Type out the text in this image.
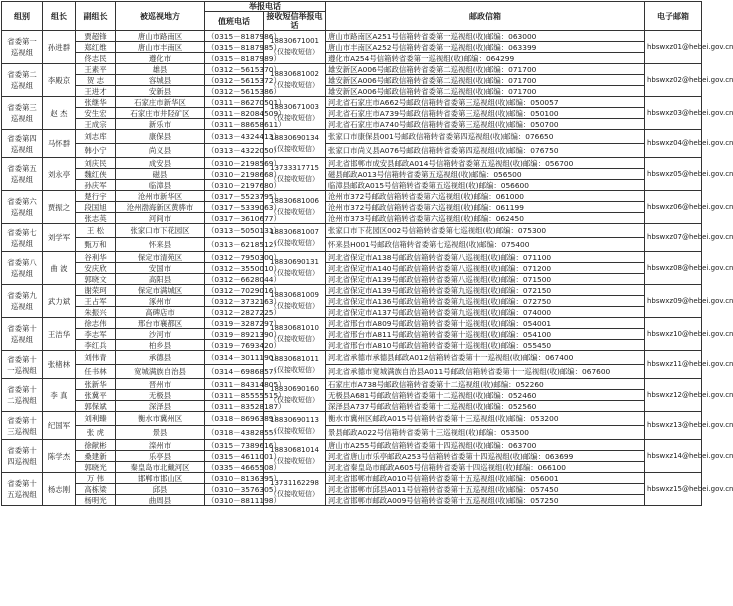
组别	组长	副组长	被巡视地方	举报电话		邮政信箱	电子邮箱
				值班电话	接收短信举报电话		
省委第一巡视组	孙进群	贾超锋	唐山市路南区	（0315－8187986）	18830671001（仅接收短信）	唐山市路南区A251号信箱转省委第一巡视组(收)邮编：063000	hbswxz01@hebei.gov.cn
		郑红维	唐山市丰南区	（0315－8187985）		唐山市丰南区A252号信箱转省委第一巡视组(收)邮编：063399	
		佟志民	遵化市	（0315－8187989）		遵化市A254号信箱转省委第一巡视组(收)邮编：064299	
省委第二巡视组	李殿京	王素平	雄县	（0312－5615370）	18830681002（仅接收短信）	雄安新区A006号邮政信箱转省委第二巡视组(收)邮编：071700	hbswxz02@hebei.gov.cn
		贺 志	容城县	（0312－5615372）		雄安新区A006号邮政信箱转省委第二巡视组(收)邮编：071700	
		王进才	安新县	（0312－5615386）		雄安新区A006号邮政信箱转省委第二巡视组(收)邮编：071700	
省委第三巡视组	赵 杰	张继华	石家庄市新华区	（0311－86270501）	18830671003（仅接收短信）	河北省石家庄市A662号邮政信箱转省委第三巡视组(收)邮编：050057	hbswxz03@hebei.gov.cn
		安生宏	石家庄市井陉矿区	（0311－82084509）		河北省石家庄市A739号邮政信箱转省委第三巡视组(收)邮编：050100	
		王成宗	新乐市	（0311－88658611）		河北省石家庄市A740号邮政信箱转省委第三巡视组(收)邮编：050700	
省委第四巡视组	马怀群	刘志库	康保县	（0313－4324413）	18830690134（仅接收短信）	张家口市康保县001号邮政信箱转省委第四巡视组(收)邮编：076650	hbswxz04@hebei.gov.cn
		韩小宁	尚义县	（0313－4322050）		张家口市尚义县A076号邮政信箱转省委第四巡视组(收)邮编：076750	
省委第五巡视组	刘永亭	刘庆民	成安县	（0310－2198569）	13733317715（仅接收短信）	河北省邯郸市成安县邮政A014号信箱转省委第五巡视组(收)邮编：056700	hbswxz05@hebei.gov.cn
		魏红侠	磁县	（0310－2198668）		磁县邮政A013号信箱转省委第五巡视组(收)邮编：056500	
		孙庆军	临漳县	（0310－2197680）		临漳县邮政A015号信箱转省委第五巡视组(收)邮编：056600	
省委第六巡视组	贾振之	楚行宇	沧州市新华区	（0317－5523795）	18830681006（仅接收短信）	沧州市372号邮政信箱转省委第六巡视组(收)邮编：061000	hbswxz06@hebei.gov.cn
		段国旭	沧州渤海新区黄骅市	（0317－5339063）		沧州市372号邮政信箱转省委第六巡视组(收)邮编：061199	
		张志英	河间市	（0317－3610677）		沧州市373号邮政信箱转省委第六巡视组(收)邮编：062450	
省委第七巡视组	刘学军	王 松	张家口市下花园区	（0313－5050131）	18830681007（仅接收短信）	张家口市下花园区002号信箱转省委第七巡视组(收)邮编：075300	hbswxz07@hebei.gov.cn
		甄万和	怀来县	（0313－6218512）		怀来县H001号邮政信箱转省委第七巡视组(收)邮编：075400	
省委第八巡视组	曲 波	谷利华	保定市清苑区	（0312－7950300）	18830690131（仅接收短信）	河北省保定市A138号邮政信箱转省委第八巡视组(收)邮编：071100	hbswxz08@hebei.gov.cn
		安庆欣	安国市	（0312－3550010）		河北省保定市A140号邮政信箱转省委第八巡视组(收)邮编：071200	
		郭晓文	高阳县	（0312－6628044）		河北省保定市A139号邮政信箱转省委第八巡视组(收)邮编：071500	
省委第九巡视组	武力斌	谢荣珂	保定市满城区	（0312－7029016）	18830681009（仅接收短信）	河北省保定市A139号邮政信箱转省委第九巡视组(收)邮编：072150	hbswxz09@hebei.gov.cn
		王占军	涿州市	（0312－3732163）		河北省保定市A136号邮政信箱转省委第九巡视组(收)邮编：072750	
		朱振兴	高碑店市	（0312－2827225）		河北省保定市A137号邮政信箱转省委第九巡视组(收)邮编：074000	
省委第十巡视组	王洁华	徐志伟	邢台市襄都区	（0319－3287297）	18830681010（仅接收短信）	河北省邢台市A809号邮政信箱转省委第十巡视组(收)邮编：054001	hbswxz10@hebei.gov.cn
		李志军	沙河市	（0319－8921390）		河北省邢台市A811号邮政信箱转省委第十巡视组(收)邮编：054100	
		李红兵	柏乡县	（0319－7693420）		河北省邢台市A810号邮政信箱转省委第十巡视组(收)邮编：055450	
省委第十一巡视组	张楮林	刘伟青	承德县	（0314－3011190）	18830681011（仅接收短信）	河北省承德市承德县邮政A012信箱转省委第十一巡视组(收)邮编：067400	hbswxz11@hebei.gov.cn
		任书林	宽城满族自治县	（0314－6986857）		河北省承德市宽城满族自治县A011号邮政信箱转省委第十一巡视组(收)邮编：067600	
省委第十二巡视组	李 真	张新华	晋州市	（0311－84314805）	18830690160（仅接收短信）	石家庄市A738号邮政信箱转省委第十二巡视组(收)邮编：052260	hbswxz12@hebei.gov.cn
		张冀平	无极县	（0311－85555515）		无极县A681号邮政信箱转省委第十二巡视组(收)邮编：052460	
		郭保斌	深泽县	（0311－83528187）		深泽县A737号邮政信箱转省委第十二巡视组(收)邮编：052560	
省委第十三巡视组	纪国军	刘利臻	衡水市冀州区	（0318－8696389）	18830690113（仅接收短信）	衡水市冀州区邮政A015号信箱转省委第十三巡视组(收)邮编：053200	hbswxz13@hebei.gov.cn
		张 虎	景县	（0318－4382855）		景县邮政A022号信箱转省委第十三巡视组(收)邮编：053500	
省委第十四巡视组	陈学杰	徐献彬	滦州市	（0315－7389616）	18830681014（仅接收短信）	唐山市A255号邮政信箱转省委第十四巡视组(收)邮编：063700	hbswxz14@hebei.gov.cn
		桑建新	乐亭县	（0315－4611001）		河北省唐山市乐亭邮政A253号信箱转省委第十四巡视组(收)邮编：063699	
		郭晓光	秦皇岛市北戴河区	（0335－4665508）		河北省秦皇岛市邮政A605号信箱转省委第十四巡视组(收)邮编：066100	
省委第十五巡视组	杨志刚	万 伟	邯郸市邯山区	（0310－8136395）	13731162298（仅接收短信）	河北省邯郸市邮政A010号信箱转省委第十五巡视组(收)邮编：056001	hbswxz15@hebei.gov.cn
		高栋梁	邱县	（0310－3576305）		河北省邯郸市邱县A011号信箱转省委第十五巡视组(收)邮编：057450	
		杨明光	曲周县	（0310－8811198）		河北省邯郸市邮政A009号信箱转省委第十五巡视组(收)邮编：057250	
